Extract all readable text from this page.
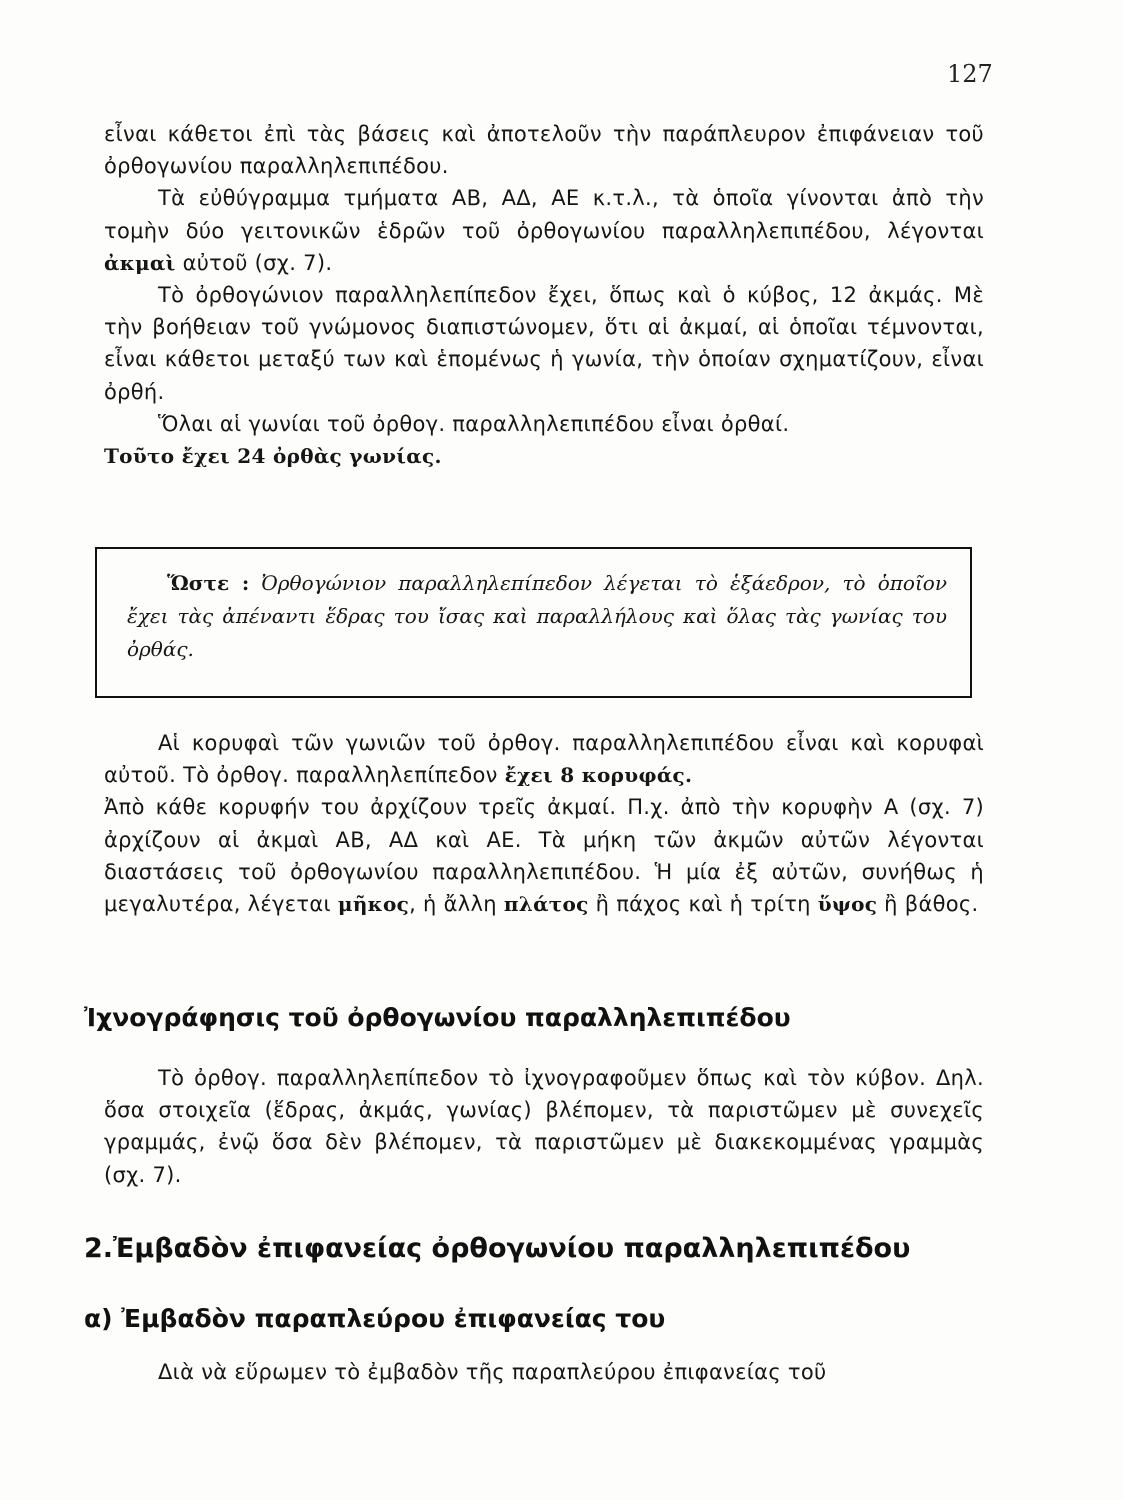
127

εἶναι κάθετοι ἐπὶ τὰς βάσεις καὶ ἀποτελοῦν τὴν παράπλευρον ἐπιφάνειαν τοῦ ὀρθογωνίου παραλληλεπιπέδου.

Τὰ εὐθύγραμμα τμήματα ΑΒ, ΑΔ, ΑΕ κ.τ.λ., τὰ ὁποῖα γίνονται ἀπὸ τὴν τομὴν δύο γειτονικῶν ἑδρῶν τοῦ ὀρθογωνίου παραλληλεπιπέδου, λέγονται ἀκμαὶ αὐτοῦ (σχ. 7).

Τὸ ὀρθογώνιον παραλληλεπίπεδον ἔχει, ὅπως καὶ ὁ κύβος, 12 ἀκμάς. Μὲ τὴν βοήθειαν τοῦ γνώμονος διαπιστώνομεν, ὅτι αἱ ἀκμαί, αἱ ὁποῖαι τέμνονται, εἶναι κάθετοι μεταξύ των καὶ ἑπομένως ἡ γωνία, τὴν ὁποίαν σχηματίζουν, εἶναι ὀρθή.

Ὅλαι αἱ γωνίαι τοῦ ὀρθογ. παραλληλεπιπέδου εἶναι ὀρθαί.

Τοῦτο ἔχει 24 ὀρθὰς γωνίας.

Ὥστε : Ὀρθογώνιον παραλληλεπίπεδον λέγεται τὸ ἑξάεδρον, τὸ ὁποῖον ἔχει τὰς ἀπέναντι ἕδρας του ἴσας καὶ παραλλήλους καὶ ὅλας τὰς γωνίας του ὀρθάς.

Αἱ κορυφαὶ τῶν γωνιῶν τοῦ ὀρθογ. παραλληλεπιπέδου εἶναι καὶ κορυφαὶ αὐτοῦ. Τὸ ὀρθογ. παραλληλεπίπεδον ἔχει 8 κορυφάς.

Ἀπὸ κάθε κορυφήν του ἀρχίζουν τρεῖς ἀκμαί. Π.χ. ἀπὸ τὴν κορυφὴν Α (σχ. 7) ἀρχίζουν αἱ ἀκμαὶ ΑΒ, ΑΔ καὶ ΑΕ. Τὰ μήκη τῶν ἀκμῶν αὐτῶν λέγονται διαστάσεις τοῦ ὀρθογωνίου παραλληλεπιπέδου. Ἡ μία ἐξ αὐτῶν, συνήθως ἡ μεγαλυτέρα, λέγεται μῆκος, ἡ ἄλλη πλάτος ἢ πάχος καὶ ἡ τρίτη ὕψος ἢ βάθος.

Ἰχνογράφησις τοῦ ὀρθογωνίου παραλληλεπιπέδου

Τὸ ὀρθογ. παραλληλεπίπεδον τὸ ἰχνογραφοῦμεν ὅπως καὶ τὸν κύβον. Δηλ. ὅσα στοιχεῖα (ἕδρας, ἀκμάς, γωνίας) βλέπομεν, τὰ παριστῶμεν μὲ συνεχεῖς γραμμάς, ἐνῷ ὅσα δὲν βλέπομεν, τὰ παριστῶμεν μὲ διακεκομμένας γραμμὰς (σχ. 7).

2.Ἐμβαδὸν ἐπιφανείας ὀρθογωνίου παραλληλεπιπέδου
α) Ἐμβαδὸν παραπλεύρου ἐπιφανείας του

Διὰ νὰ εὕρωμεν τὸ ἐμβαδὸν τῆς παραπλεύρου ἐπιφανείας τοῦ
